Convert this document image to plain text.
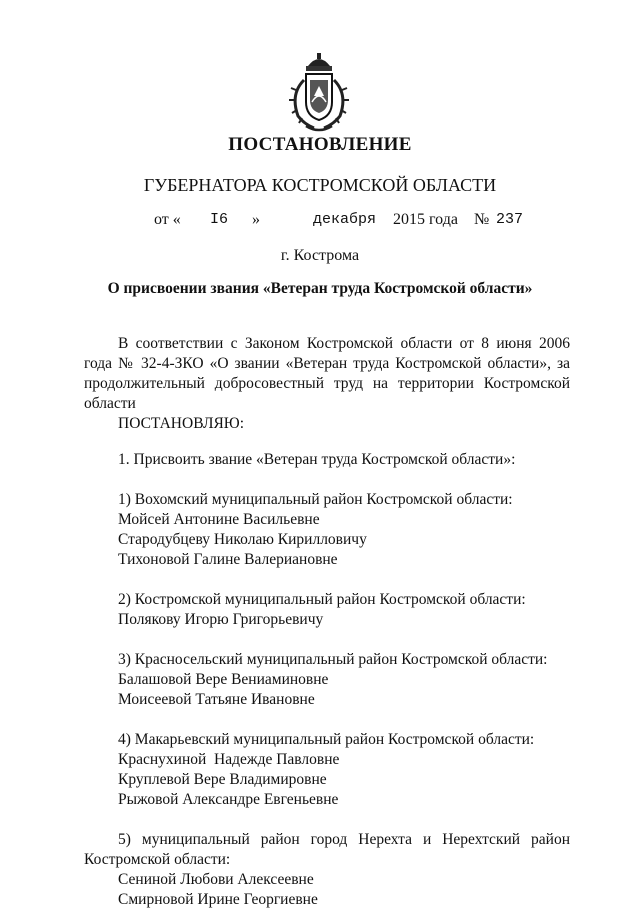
ПОСТАНОВЛЕНИЕ
ГУБЕРНАТОРА КОСТРОМСКОЙ ОБЛАСТИ
от « I6 »	декабря 2015 года № 237
г. Кострома
О присвоении звания «Ветеран труда Костромской области»

В соответствии с Законом Костромской области от 8 июня 2006 года № 32-4-ЗКО «О звании «Ветеран труда Костромской области», за продолжительный добросовестный труд на территории Костромской области

ПОСТАНОВЛЯЮ:

1. Присвоить звание «Ветеран труда Костромской области»:

1) Вохомский муниципальный район Костромской области:

Мойсей Антонине Васильевне

Стародубцеву Николаю Кирилловичу

Тихоновой Галине Валериановне

2) Костромской муниципальный район Костромской области:

Полякову Игорю Григорьевичу

3) Красносельский муниципальный район Костромской области:

Балашовой Вере Вениаминовне

Моисеевой Татьяне Ивановне

4) Макарьевский муниципальный район Костромской области:

Краснухиной  Надежде Павловне

Круплевой Вере Владимировне

Рыжовой Александре Евгеньевне

5) муниципальный район город Нерехта и Нерехтский район Костромской области:

Сениной Любови Алексеевне

Смирновой Ирине Георгиевне
